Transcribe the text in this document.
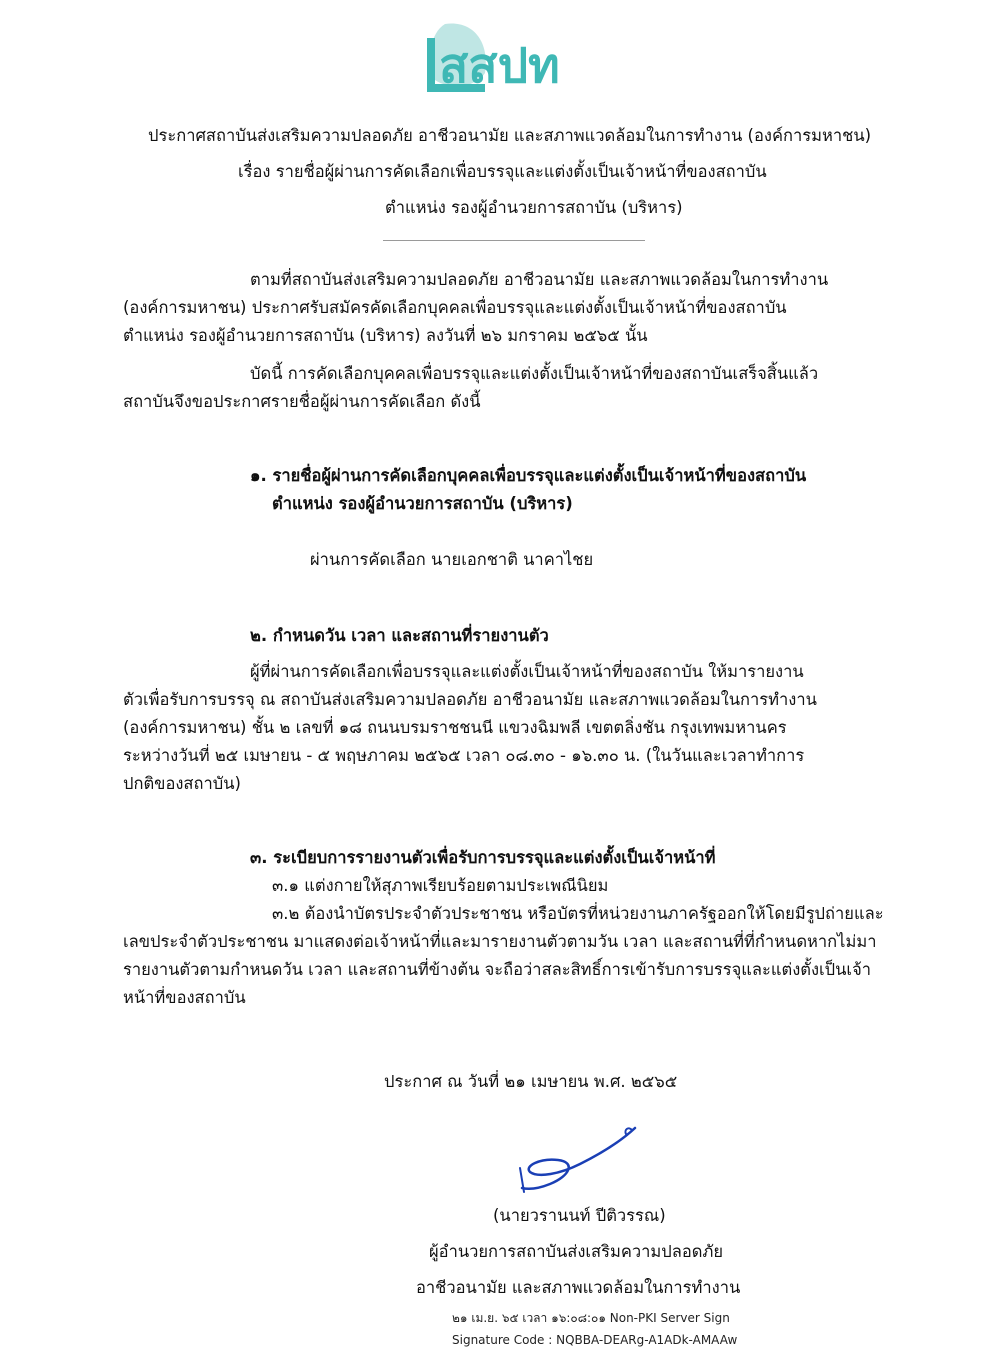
สสปท
ประกาศสถาบันส่งเสริมความปลอดภัย อาชีวอนามัย และสภาพแวดล้อมในการทำงาน (องค์การมหาชน)
เรื่อง รายชื่อผู้ผ่านการคัดเลือกเพื่อบรรจุและแต่งตั้งเป็นเจ้าหน้าที่ของสถาบัน
ตำแหน่ง รองผู้อำนวยการสถาบัน (บริหาร)
ตามที่สถาบันส่งเสริมความปลอดภัย อาชีวอนามัย และสภาพแวดล้อมในการทำงาน
(องค์การมหาชน) ประกาศรับสมัครคัดเลือกบุคคลเพื่อบรรจุและแต่งตั้งเป็นเจ้าหน้าที่ของสถาบัน
ตำแหน่ง รองผู้อำนวยการสถาบัน (บริหาร) ลงวันที่ ๒๖ มกราคม ๒๕๖๕ นั้น
บัดนี้ การคัดเลือกบุคคลเพื่อบรรจุและแต่งตั้งเป็นเจ้าหน้าที่ของสถาบันเสร็จสิ้นแล้ว
สถาบันจึงขอประกาศรายชื่อผู้ผ่านการคัดเลือก ดังนี้
๑. รายชื่อผู้ผ่านการคัดเลือกบุคคลเพื่อบรรจุและแต่งตั้งเป็นเจ้าหน้าที่ของสถาบัน
ตำแหน่ง รองผู้อำนวยการสถาบัน (บริหาร)
ผ่านการคัดเลือก นายเอกชาติ นาคาไชย
๒. กำหนดวัน เวลา และสถานที่รายงานตัว
ผู้ที่ผ่านการคัดเลือกเพื่อบรรจุและแต่งตั้งเป็นเจ้าหน้าที่ของสถาบัน ให้มารายงาน
ตัวเพื่อรับการบรรจุ ณ สถาบันส่งเสริมความปลอดภัย อาชีวอนามัย และสภาพแวดล้อมในการทำงาน
(องค์การมหาชน) ชั้น ๒ เลขที่ ๑๘ ถนนบรมราชชนนี แขวงฉิมพลี เขตตลิ่งชัน กรุงเทพมหานคร
ระหว่างวันที่ ๒๕ เมษายน - ๕ พฤษภาคม ๒๕๖๕ เวลา ๐๘.๓๐ - ๑๖.๓๐ น. (ในวันและเวลาทำการ
ปกติของสถาบัน)
๓. ระเบียบการรายงานตัวเพื่อรับการบรรจุและแต่งตั้งเป็นเจ้าหน้าที่
๓.๑ แต่งกายให้สุภาพเรียบร้อยตามประเพณีนิยม
๓.๒ ต้องนำบัตรประจำตัวประชาชน หรือบัตรที่หน่วยงานภาครัฐออกให้โดยมีรูปถ่ายและ
เลขประจำตัวประชาชน มาแสดงต่อเจ้าหน้าที่และมารายงานตัวตามวัน เวลา และสถานที่ที่กำหนดหากไม่มา
รายงานตัวตามกำหนดวัน เวลา และสถานที่ข้างต้น จะถือว่าสละสิทธิ์การเข้ารับการบรรจุและแต่งตั้งเป็นเจ้า
หน้าที่ของสถาบัน
ประกาศ ณ วันที่ ๒๑ เมษายน พ.ศ. ๒๕๖๕
(นายวรานนท์ ปีติวรรณ)
ผู้อำนวยการสถาบันส่งเสริมความปลอดภัย
อาชีวอนามัย และสภาพแวดล้อมในการทำงาน
๒๑ เม.ย. ๖๕ เวลา ๑๖:๐๘:๐๑ Non-PKI Server Sign
Signature Code : NQBBA-DEARg-A1ADk-AMAAw
